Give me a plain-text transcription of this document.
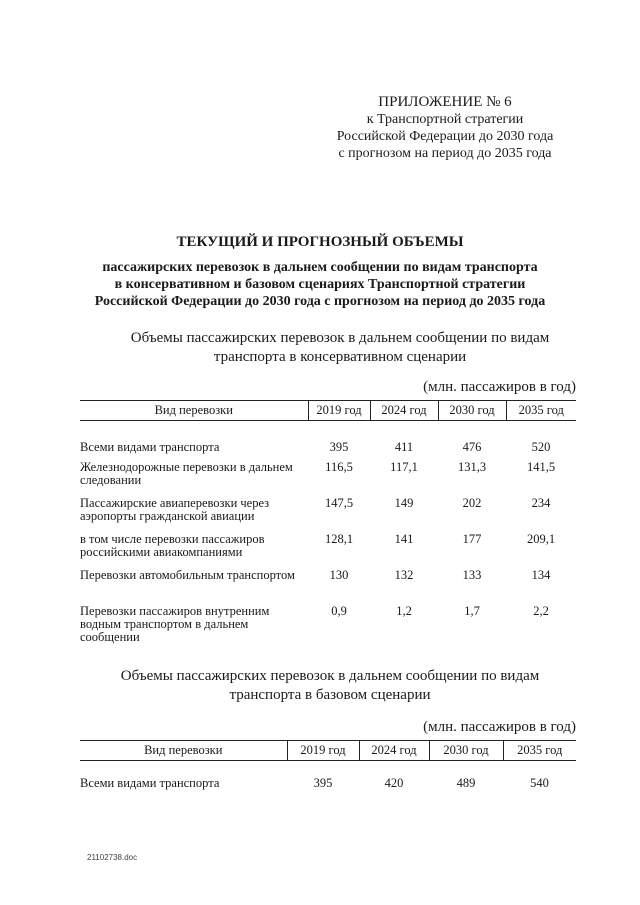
ПРИЛОЖЕНИЕ № 6
к Транспортной стратегии
Российской Федерации до 2030 года
с прогнозом на период до 2035 года
ТЕКУЩИЙ И ПРОГНОЗНЫЙ ОБЪЕМЫ
пассажирских перевозок в дальнем сообщении по видам транспорта
в консервативном и базовом сценариях Транспортной стратегии
Российской Федерации до 2030 года с прогнозом на период до 2035 года
Объемы пассажирских перевозок в дальнем сообщении по видам
транспорта в консервативном сценарии
(млн. пассажиров в год)
Вид перевозки	2019 год	2024 год	2030 год	2035 год

Всеми видами транспорта	395	411	476	520
Железнодорожные перевозки в дальнем следовании	116,5	117,1	131,3	141,5
Пассажирские авиаперевозки через аэропорты гражданской авиации	147,5	149	202	234
в том числе перевозки пассажиров российскими авиакомпаниями	128,1	141	177	209,1
Перевозки автомобильным транспортом	130	132	133	134
Перевозки пассажиров внутренним водным транспортом в дальнем сообщении	0,9	1,2	1,7	2,2
Объемы пассажирских перевозок в дальнем сообщении по видам
транспорта в базовом сценарии
(млн. пассажиров в год)
Вид перевозки	2019 год	2024 год	2030 год	2035 год

Всеми видами транспорта	395	420	489	540
21102738.doc
